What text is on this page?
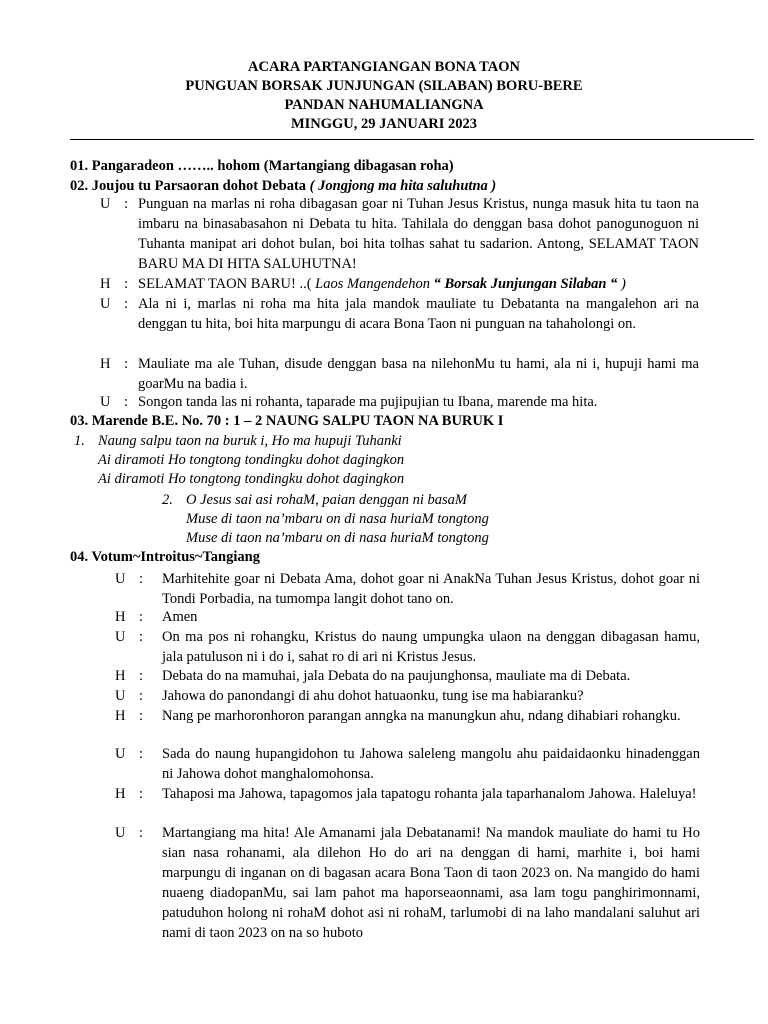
ACARA PARTANGIANGAN BONA TAON
PUNGUAN BORSAK JUNJUNGAN (SILABAN) BORU-BERE
PANDAN NAHUMALIANGNA
MINGGU, 29 JANUARI 2023
01. Pangaradeon …….. hohom (Martangiang dibagasan roha)
02. Joujou tu Parsaoran dohot Debata ( Jongjong ma hita saluhutna )
U : Punguan na marlas ni roha dibagasan goar ni Tuhan Jesus Kristus, nunga masuk hita tu taon na imbaru na binasabasahon ni Debata tu hita. Tahilala do denggan basa dohot panogunoguon ni Tuhanta manipat ari dohot bulan, boi hita tolhas sahat tu sadarion. Antong, SELAMAT TAON BARU MA DI HITA SALUHUTNA!
H : SELAMAT TAON BARU! ..( Laos Mangendehon “ Borsak Junjungan Silaban “ )
U : Ala ni i, marlas ni roha ma hita jala mandok mauliate tu Debatanta na mangalehon ari na denggan tu hita, boi hita marpungu di acara Bona Taon ni punguan na tahaholongi on.
H : Mauliate ma ale Tuhan, disude denggan basa na nilehonMu tu hami, ala ni i, hupuji hami ma goarMu na badia i.
U : Songon tanda las ni rohanta, taparade ma pujipujian tu Ibana, marende ma hita.
03. Marende B.E. No. 70 : 1 – 2 NAUNG SALPU TAON NA BURUK I
1. Naung salpu taon na buruk i, Ho ma hupuji Tuhanki
Ai diramoti Ho tongtong tondingku dohot dagingkon
Ai diramoti Ho tongtong tondingku dohot dagingkon
2. O Jesus sai asi rohaM, paian denggan ni basaM
Muse di taon na’mbaru on di nasa huriaM tongtong
Muse di taon na’mbaru on di nasa huriaM tongtong
04. Votum~Introitus~Tangiang
U : Marhitehite goar ni Debata Ama, dohot goar ni AnakNa Tuhan Jesus Kristus, dohot goar ni Tondi Porbadia, na tumompa langit dohot tano on.
H : Amen
U : On ma pos ni rohangku, Kristus do naung umpungka ulaon na denggan dibagasan hamu, jala patuluson ni i do i, sahat ro di ari ni Kristus Jesus.
H : Debata do na mamuhai, jala Debata do na paujunghonsa, mauliate ma di Debata.
U : Jahowa do panondangi di ahu dohot hatuaonku, tung ise ma habiaranku?
H : Nang pe marhoronhoron parangan anngka na manungkun ahu, ndang dihabiari rohangku.
U : Sada do naung hupangidohon tu Jahowa saleleng mangolu ahu paidaidaonku hinadenggan ni Jahowa dohot manghalomohonsa.
H : Tahaposi ma Jahowa, tapagomos jala tapatogu rohanta jala taparhanalom Jahowa. Haleluya!
U : Martangiang ma hita! Ale Amanami jala Debatanami! Na mandok mauliate do hami tu Ho sian nasa rohanami, ala dilehon Ho do ari na denggan di hami, marhite i, boi hami marpungu di inganan on di bagasan acara Bona Taon di taon 2023 on. Na mangido do hami nuaeng diadopanMu, sai lam pahot ma haporseaonnami, asa lam togu panghirimonnami, patuduhon holong ni rohaM dohot asi ni rohaM, tarlumobi di na laho mandalani saluhut ari nami di taon 2023 on na so huboto
